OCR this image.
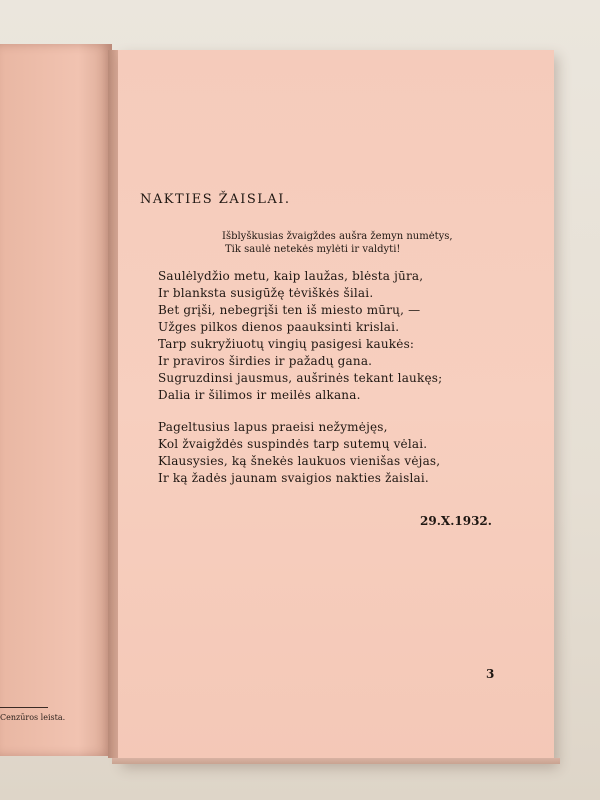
Cenzūros leista.
NAKTIES ŽAISLAI.
Išblyškusias žvaigždes aušra žemyn numėtys,
Tik saulė netekės mylėti ir valdyti!
Saulėlydžio metu, kaip laužas, blėsta jūra,
Ir blanksta susigūžę tėviškės šilai.
Bet grįši, nebegrįši ten iš miesto mūrų, —
Užges pilkos dienos paauksinti krislai.
Tarp sukryžiuotų vingių pasigesi kaukės:
Ir praviros širdies ir pažadų gana.
Sugruzdinsi jausmus, aušrinės tekant laukęs;
Dalia ir šilimos ir meilės alkana.
Pageltusius lapus praeisi nežymėjęs,
Kol žvaigždės suspindės tarp sutemų vėlai.
Klausysies, ką šnekės laukuos vienišas vėjas,
Ir ką žadės jaunam svaigios nakties žaislai.
29.X.1932.
3
